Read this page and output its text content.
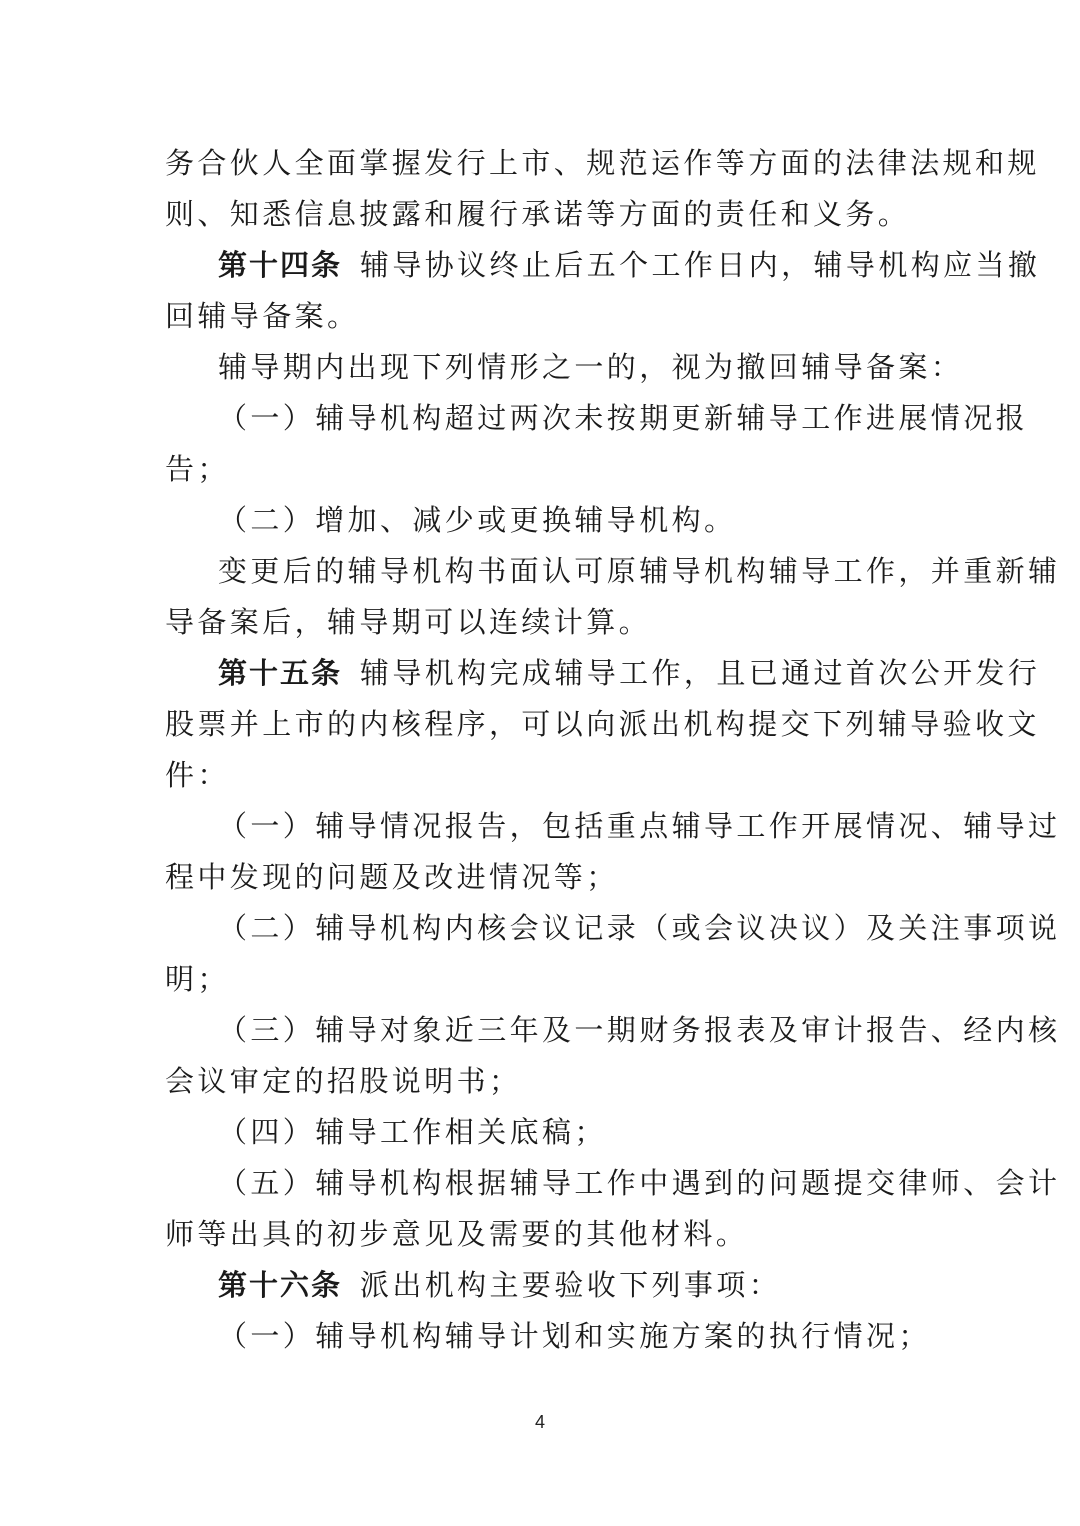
务合伙人全面掌握发行上市、规范运作等方面的法律法规和规
则、知悉信息披露和履行承诺等方面的责任和义务。
第十四条  辅导协议终止后五个工作日内，辅导机构应当撤
回辅导备案。
辅导期内出现下列情形之一的，视为撤回辅导备案：
（一）辅导机构超过两次未按期更新辅导工作进展情况报
告；
（二）增加、减少或更换辅导机构。
变更后的辅导机构书面认可原辅导机构辅导工作，并重新辅
导备案后，辅导期可以连续计算。
第十五条  辅导机构完成辅导工作，且已通过首次公开发行
股票并上市的内核程序，可以向派出机构提交下列辅导验收文
件：
（一）辅导情况报告，包括重点辅导工作开展情况、辅导过
程中发现的问题及改进情况等；
（二）辅导机构内核会议记录（或会议决议）及关注事项说
明；
（三）辅导对象近三年及一期财务报表及审计报告、经内核
会议审定的招股说明书；
（四）辅导工作相关底稿；
（五）辅导机构根据辅导工作中遇到的问题提交律师、会计
师等出具的初步意见及需要的其他材料。
第十六条  派出机构主要验收下列事项：
（一）辅导机构辅导计划和实施方案的执行情况；
4
